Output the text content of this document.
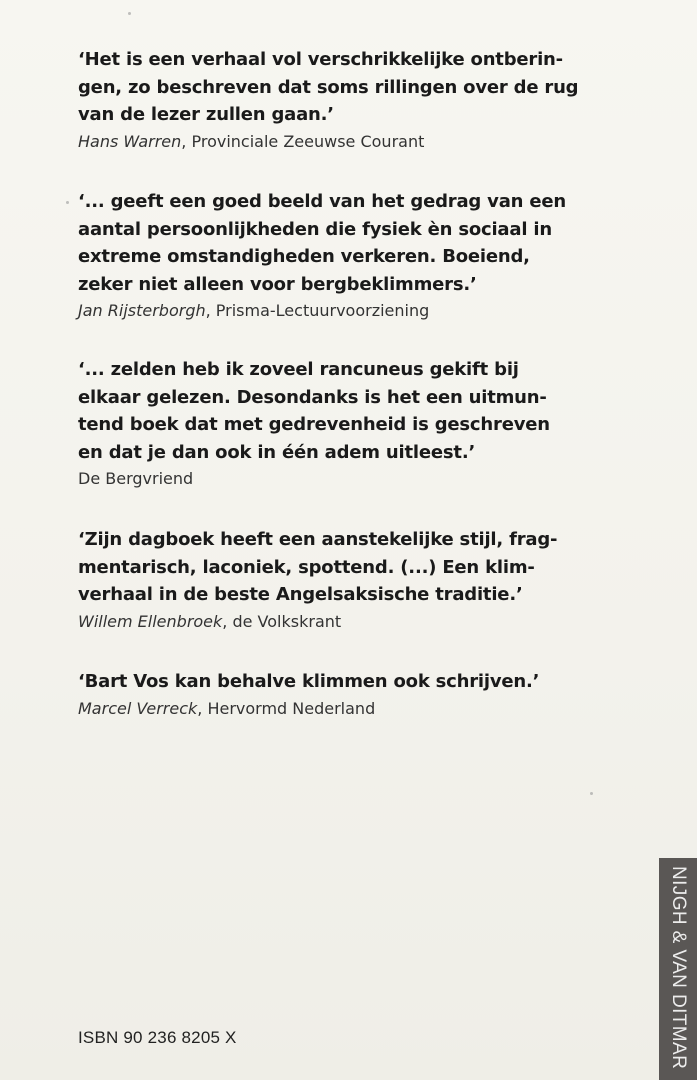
‘Het is een verhaal vol verschrikkelijke ontberin-
gen, zo beschreven dat soms rillingen over de rug
van de lezer zullen gaan.’

Hans Warren, Provinciale Zeeuwse Courant

‘... geeft een goed beeld van het gedrag van een
aantal persoonlijkheden die fysiek èn sociaal in
extreme omstandigheden verkeren. Boeiend,
zeker niet alleen voor bergbeklimmers.’

Jan Rijsterborgh, Prisma-Lectuurvoorziening

‘... zelden heb ik zoveel rancuneus gekift bij
elkaar gelezen. Desondanks is het een uitmun-
tend boek dat met gedrevenheid is geschreven
en dat je dan ook in één adem uitleest.’

De Bergvriend

‘Zijn dagboek heeft een aanstekelijke stijl, frag-
mentarisch, laconiek, spottend. (...) Een klim-
verhaal in de beste Angelsaksische traditie.’

Willem Ellenbroek, de Volkskrant

‘Bart Vos kan behalve klimmen ook schrijven.’

Marcel Verreck, Hervormd Nederland

ISBN 90 236 8205 X	NIJGH & VAN DITMAR
